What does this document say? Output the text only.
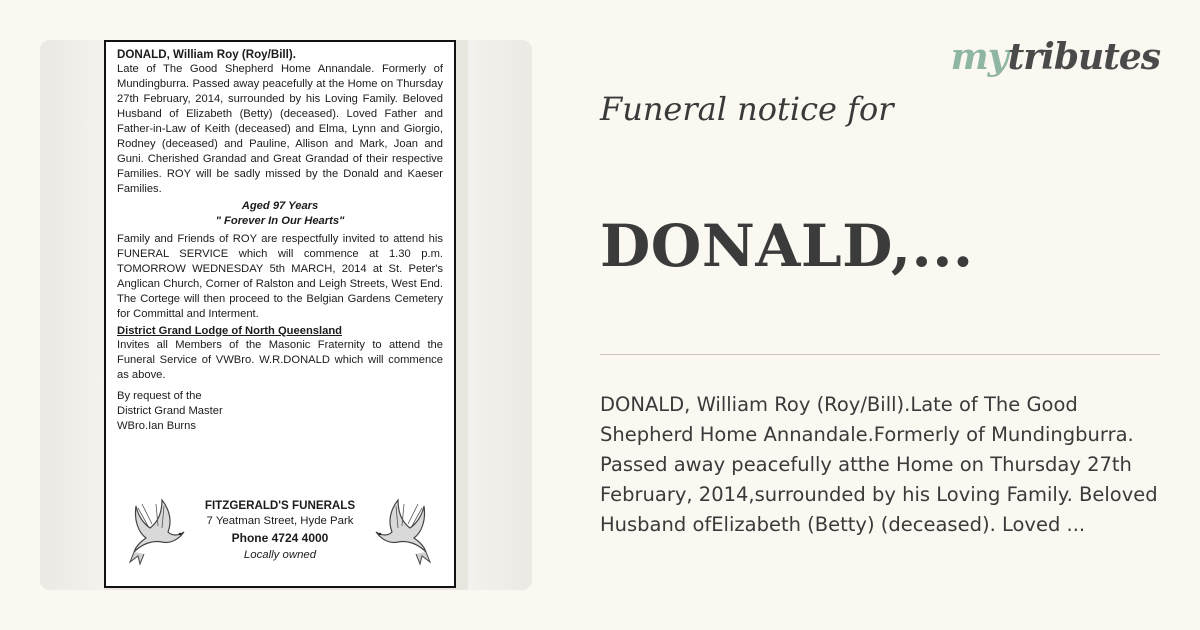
DONALD, William Roy (Roy/Bill).

Late of The Good Shepherd Home Annandale. Formerly of Mundingburra. Passed away peacefully at the Home on Thursday 27th February, 2014, surrounded by his Loving Family. Beloved Husband of Elizabeth (Betty) (deceased). Loved Father and Father-in-Law of Keith (deceased) and Elma, Lynn and Giorgio, Rodney (deceased) and Pauline, Allison and Mark, Joan and Guni. Cherished Grandad and Great Grandad of their respective Families. ROY will be sadly missed by the Donald and Kaeser Families.

Aged 97 Years

" Forever In Our Hearts"

Family and Friends of ROY are respectfully invited to attend his FUNERAL SERVICE which will commence at 1.30 p.m. TOMORROW WEDNESDAY 5th MARCH, 2014 at St. Peter's Anglican Church, Corner of Ralston and Leigh Streets, West End. The Cortege will then proceed to the Belgian Gardens Cemetery for Committal and Interment.

District Grand Lodge of North Queensland

Invites all Members of the Masonic Fraternity to attend the Funeral Service of VWBro. W.R.DONALD which will commence as above.

By request of the

District Grand Master

WBro.Ian Burns

FITZGERALD'S FUNERALS
7 Yeatman Street, Hyde Park
Phone 4724 4000
Locally owned
mytributes
Funeral notice for
DONALD,...
DONALD, William Roy (Roy/Bill).Late of The Good Shepherd Home Annandale.Formerly of Mundingburra. Passed away peacefully atthe Home on Thursday 27th February, 2014,surrounded by his Loving Family. Beloved Husband ofElizabeth (Betty) (deceased). Loved ...
